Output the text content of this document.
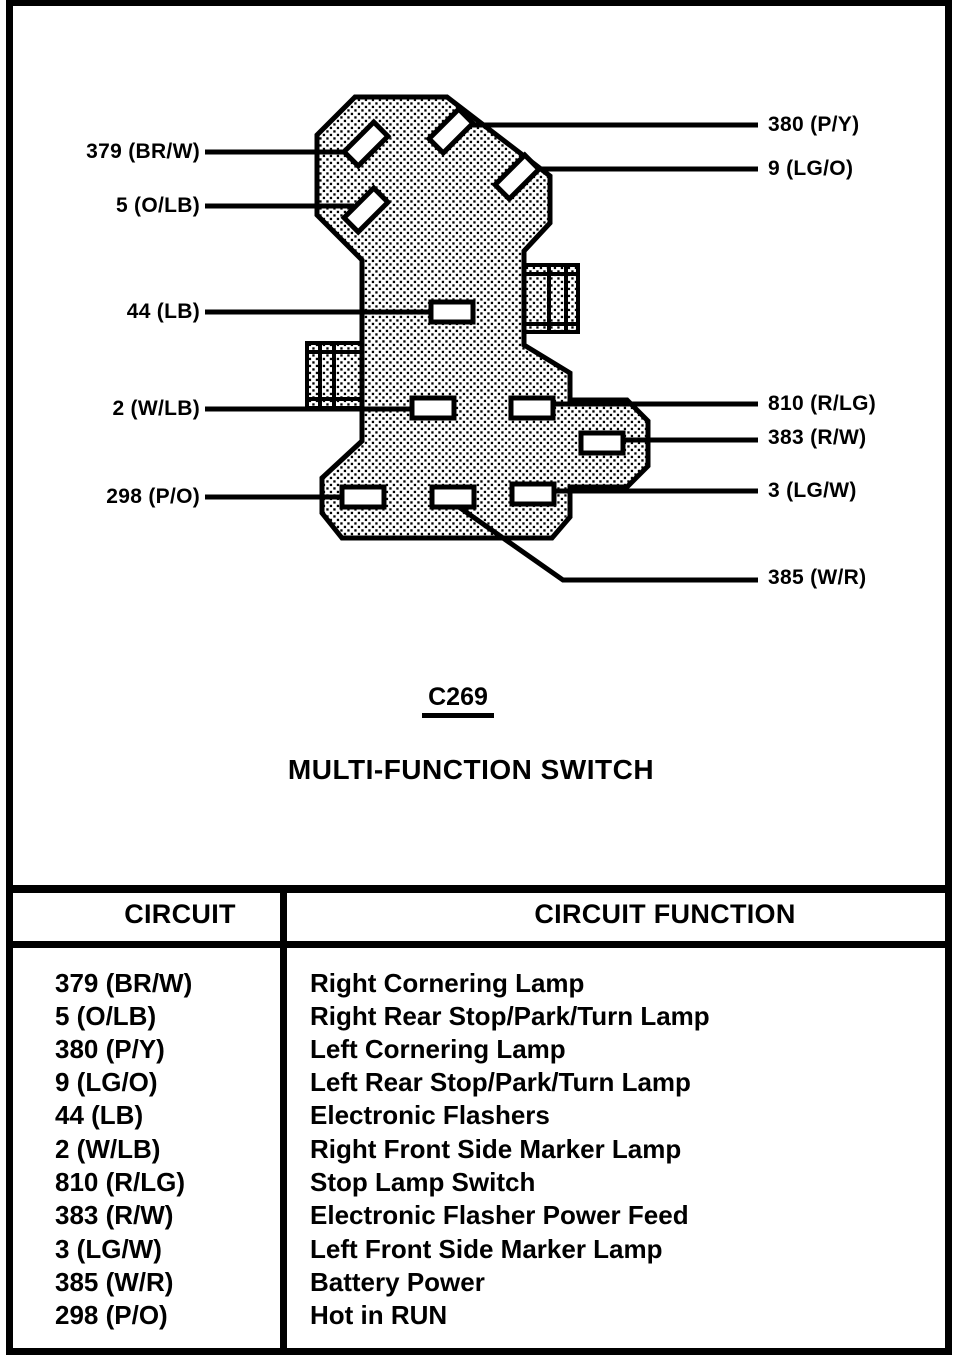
379 (BR/W)
5 (O/LB)
44 (LB)
2 (W/LB)
298 (P/O)
380 (P/Y)
9 (LG/O)
810 (R/LG)
383 (R/W)
3 (LG/W)
385 (W/R)
C269
MULTI-FUNCTION SWITCH
CIRCUIT	CIRCUIT FUNCTION
379 (BR/W)	Right Cornering Lamp
5 (O/LB)	Right Rear Stop/Park/Turn Lamp
380 (P/Y)	Left Cornering Lamp
9 (LG/O)	Left Rear Stop/Park/Turn Lamp
44 (LB)	Electronic Flashers
2 (W/LB)	Right Front Side Marker Lamp
810 (R/LG)	Stop Lamp Switch
383 (R/W)	Electronic Flasher Power Feed
3 (LG/W)	Left Front Side Marker Lamp
385 (W/R)	Battery Power
298 (P/O)	Hot in RUN
